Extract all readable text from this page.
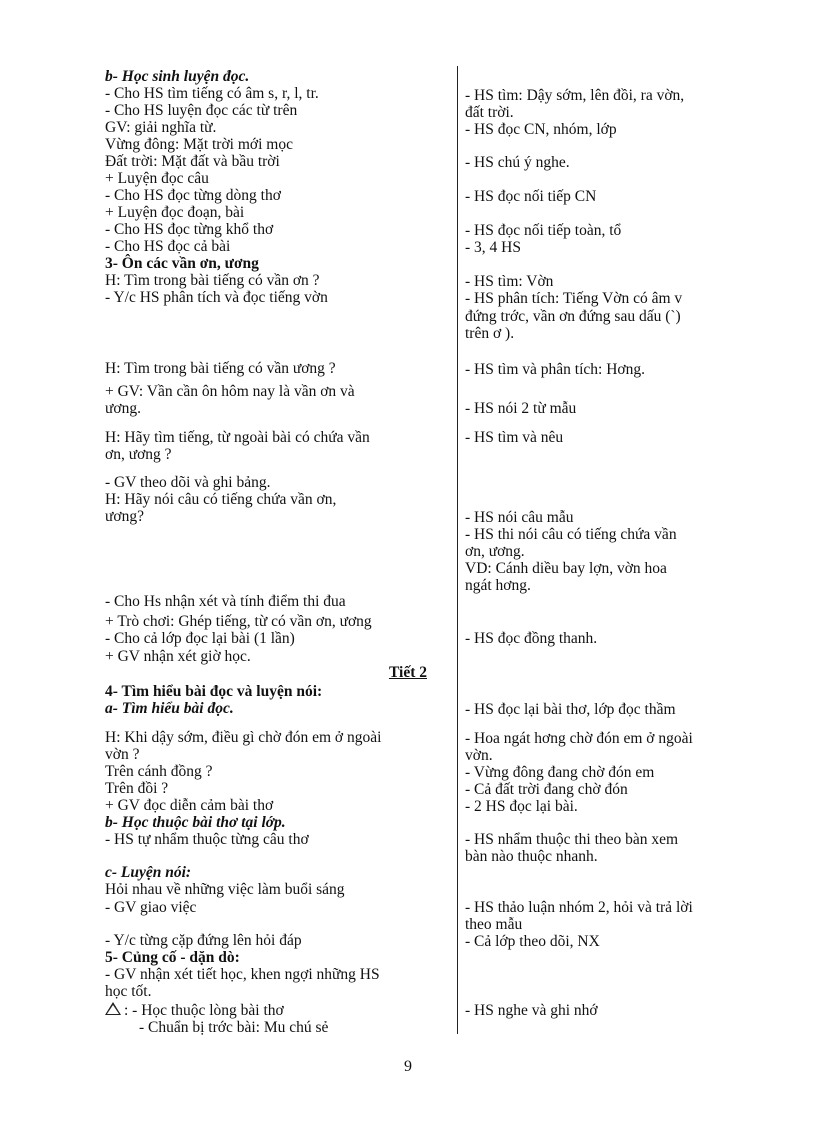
b- Học sinh luyện đọc.
- Cho HS tìm tiếng có âm s, r, l, tr.
- Cho HS luyện đọc các từ trên
GV: giải nghĩa từ.
Vừng đông: Mặt trời mới mọc
Đất trời: Mặt đất và bầu trời
+ Luyện đọc câu
- Cho HS đọc từng dòng thơ
+ Luyện đọc đoạn, bài
- Cho HS đọc từng khổ thơ
- Cho HS đọc cả bài
3- Ôn các vần ơn, ương
H: Tìm trong bài tiếng có vần ơn ?
- Y/c HS phân tích và đọc tiếng vờn
H: Tìm trong bài tiếng có vần ương ?
+ GV: Vần cần ôn hôm nay là vần ơn và
ương.
H: Hãy tìm tiếng, từ ngoài bài có chứa vần
ơn, ương ?
- GV theo dõi và ghi bảng.
H: Hãy nói câu có tiếng chứa vần ơn,
ương?
- Cho Hs nhận xét và tính điểm thi đua
+ Trò chơi: Ghép tiếng, từ có vần ơn, ương
- Cho cả lớp đọc lại bài (1 lần)
+ GV nhận xét giờ học.
Tiết 2
4- Tìm hiểu bài đọc và luyện nói:
a- Tìm hiểu bài đọc.
H: Khi dậy sớm, điều gì chờ đón em ở ngoài
vờn ?
Trên cánh đồng ?
Trên đồi ?
+ GV đọc diễn cảm bài thơ
b- Học thuộc bài thơ tại lớp.
- HS tự nhẩm thuộc từng câu thơ
c- Luyện nói:
Hỏi nhau về những việc làm buổi sáng
- GV giao việc
- Y/c từng cặp đứng lên hỏi đáp
5- Củng cố - dặn dò:
- GV nhận xét tiết học, khen ngợi những HS
học tốt.
: - Học thuộc lòng bài thơ
- Chuẩn bị trớc bài: Mu chú sẻ
- HS tìm: Dậy sớm, lên đồi, ra vờn,
đất trời.
- HS đọc CN, nhóm, lớp
- HS chú ý nghe.
- HS đọc nối tiếp CN
- HS đọc nối tiếp toàn, tổ
- 3, 4 HS
- HS tìm: Vờn
- HS phân tích: Tiếng Vờn có âm v
đứng trớc, vần ơn đứng sau dấu (`)
trên ơ ).
- HS tìm và phân tích: Hơng.
- HS nói 2 từ mẫu
- HS tìm và nêu
- HS nói câu mẫu
- HS thi nói câu có tiếng chứa vần
ơn, ương.
VD: Cánh diều bay lợn, vờn hoa
ngát hơng.
- HS đọc đồng thanh.
- HS đọc lại bài thơ, lớp đọc thầm
- Hoa ngát hơng chờ đón em ở ngoài
vờn.
- Vừng đông đang chờ đón em
- Cả đất trời đang chờ đón
- 2 HS đọc lại bài.
- HS nhẩm thuộc thi theo bàn xem
bàn nào thuộc nhanh.
- HS thảo luận nhóm 2, hỏi và trả lời
theo mẫu
- Cả lớp theo dõi, NX
- HS nghe và ghi nhớ
9
